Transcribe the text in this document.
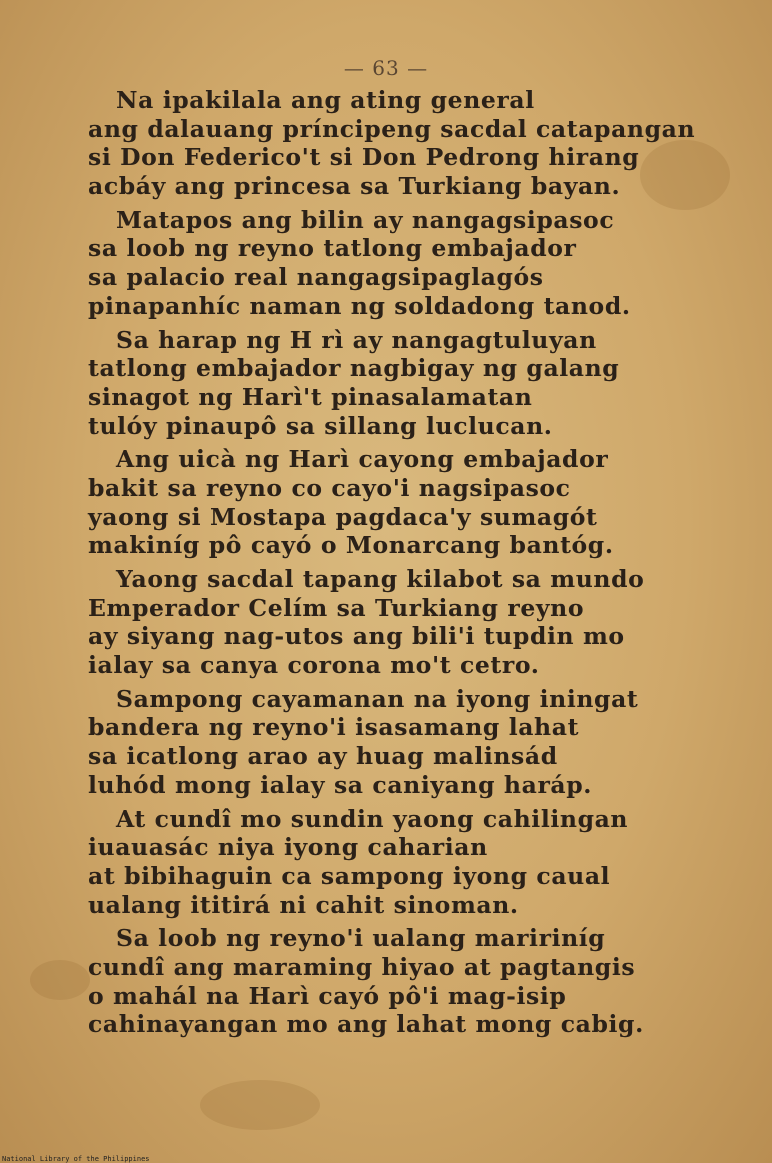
— 63 —
Na ipakilala ang ating general
ang dalauang príncipeng sacdal catapangan
si Don Federico't si Don Pedrong hirang
acbáy ang princesa sa Turkiang bayan.
Matapos ang bilin ay nangagsipasoc
sa loob ng reyno tatlong embajador
sa palacio real nangagsipaglagós
pinapanhíc naman ng soldadong tanod.
Sa harap ng H rì ay nangagtuluyan
tatlong embajador nagbigay ng galang
sinagot ng Harì't pinasalamatan
tulóy pinaupô sa sillang luclucan.
Ang uicà ng Harì cayong embajador
bakit sa reyno co cayo'i nagsipasoc
yaong si Mostapa pagdaca'y sumagót
makiníg pô cayó o Monarcang bantóg.
Yaong sacdal tapang kilabot sa mundo
Emperador Celím sa Turkiang reyno
ay siyang nag-utos ang bili'i tupdin mo
ialay sa canya corona mo't cetro.
Sampong cayamanan na iyong iningat
bandera ng reyno'i isasamang lahat
sa icatlong arao ay huag malinsád
luhód mong ialay sa caniyang haráp.
At cundî mo sundin yaong cahilingan
iuauasác niya iyong caharian
at bibihaguin ca sampong iyong caual
ualang ititirá ni cahit sinoman.
Sa loob ng reyno'i ualang maririníg
cundî ang maraming hiyao at pagtangis
o mahál na Harì cayó pô'i mag-isip
cahinayangan mo ang lahat mong cabig.
National Library of the Philippines
